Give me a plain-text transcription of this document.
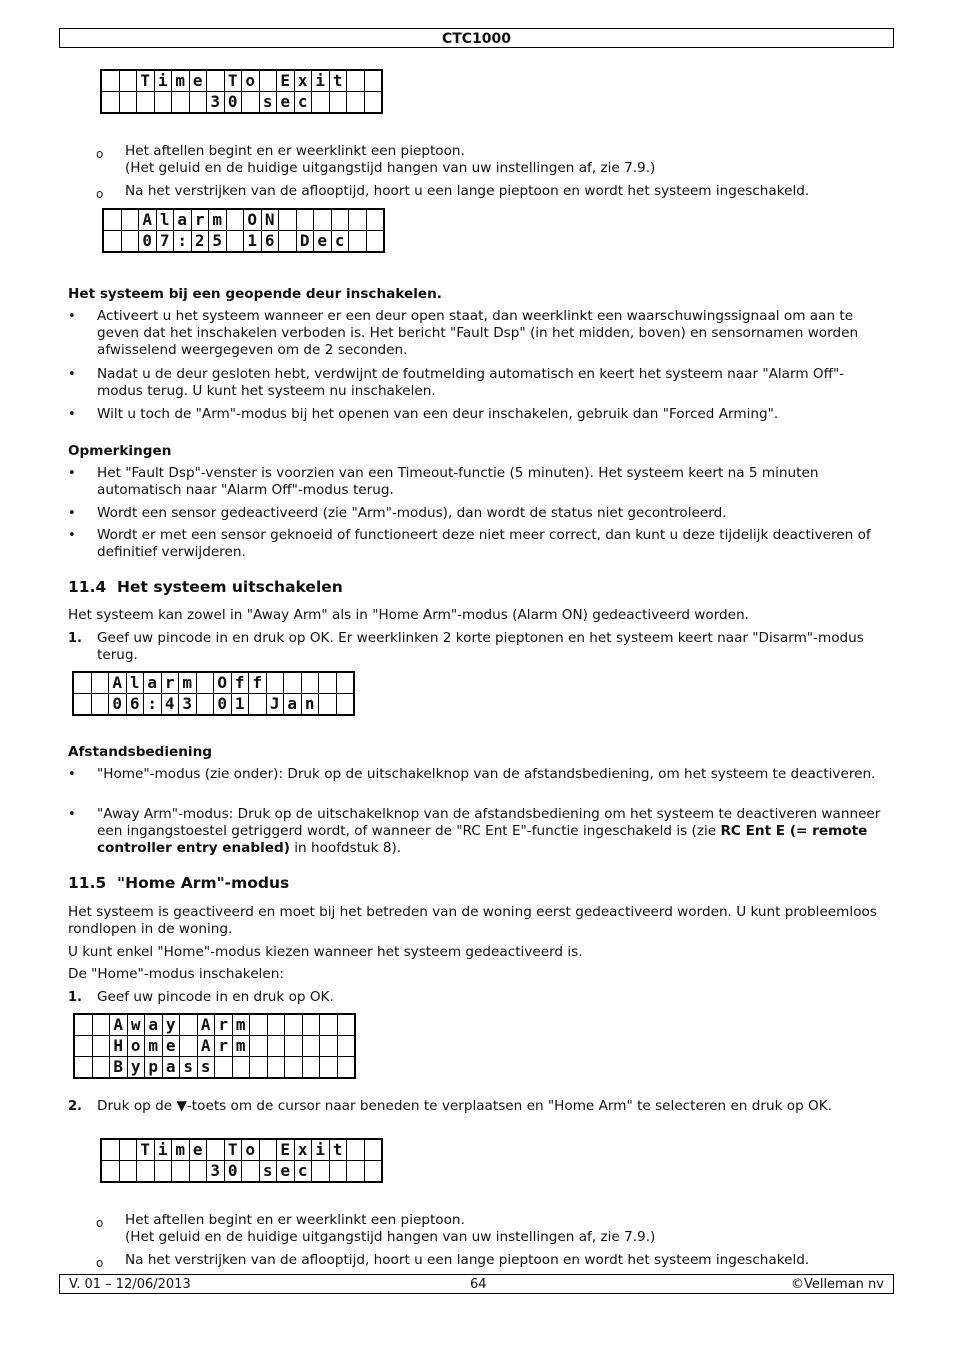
CTC1000
		T	i	m	e		T	o		E	x	i	t		
						3	0		s	e	c				
o Het aftellen begint en er weerklinkt een pieptoon.
(Het geluid en de huidige uitgangstijd hangen van uw instellingen af, zie 7.9.)

o Na het verstrijken van de aflooptijd, hoort u een lange pieptoon en wordt het systeem ingeschakeld.

		A	l	a	r	m		O	N						
		0	7	:	2	5		1	6		D	e	c		

Het systeem bij een geopende deur inschakelen.

• Activeert u het systeem wanneer er een deur open staat, dan weerklinkt een waarschuwingssignaal om aan te geven dat het inschakelen verboden is. Het bericht "Fault Dsp" (in het midden, boven) en sensornamen worden afwisselend weergegeven om de 2 seconden.

• Nadat u de deur gesloten hebt, verdwijnt de foutmelding automatisch en keert het systeem naar "Alarm Off"-modus terug. U kunt het systeem nu inschakelen.

• Wilt u toch de "Arm"-modus bij het openen van een deur inschakelen, gebruik dan "Forced Arming".

Opmerkingen

• Het "Fault Dsp"-venster is voorzien van een Timeout-functie (5 minuten). Het systeem keert na 5 minuten automatisch naar "Alarm Off"-modus terug.

• Wordt een sensor gedeactiveerd (zie "Arm"-modus), dan wordt de status niet gecontroleerd.

• Wordt er met een sensor geknoeid of functioneert deze niet meer correct, dan kunt u deze tijdelijk deactiveren of definitief verwijderen.

11.4 Het systeem uitschakelen

Het systeem kan zowel in "Away Arm" als in "Home Arm"-modus (Alarm ON) gedeactiveerd worden.

1. Geef uw pincode in en druk op OK. Er weerklinken 2 korte pieptonen en het systeem keert naar "Disarm"-modus terug.

		A	l	a	r	m		O	f	f					
		0	6	:	4	3		0	1		J	a	n		

Afstandsbediening

• "Home"-modus (zie onder): Druk op de uitschakelknop van de afstandsbediening, om het systeem te deactiveren.

• "Away Arm"-modus: Druk op de uitschakelknop van de afstandsbediening om het systeem te deactiveren wanneer een ingangstoestel getriggerd wordt, of wanneer de "RC Ent E"-functie ingeschakeld is (zie RC Ent E (= remote controller entry enabled) in hoofdstuk 8).

11.5 "Home Arm"-modus

Het systeem is geactiveerd en moet bij het betreden van de woning eerst gedeactiveerd worden. U kunt probleemloos rondlopen in de woning.

U kunt enkel "Home"-modus kiezen wanneer het systeem gedeactiveerd is.

De "Home"-modus inschakelen:

1. Geef uw pincode in en druk op OK.

		A	w	a	y		A	r	m						
		H	o	m	e		A	r	m						
		B	y	p	a	s	s								
2. Druk op de ▼-toets om de cursor naar beneden te verplaatsen en "Home Arm" te selecteren en druk op OK.

		T	i	m	e		T	o		E	x	i	t		
						3	0		s	e	c				
o Het aftellen begint en er weerklinkt een pieptoon.
(Het geluid en de huidige uitgangstijd hangen van uw instellingen af, zie 7.9.)

o Na het verstrijken van de aflooptijd, hoort u een lange pieptoon en wordt het systeem ingeschakeld.

V. 01 – 12/06/2013	64	©Velleman nv
